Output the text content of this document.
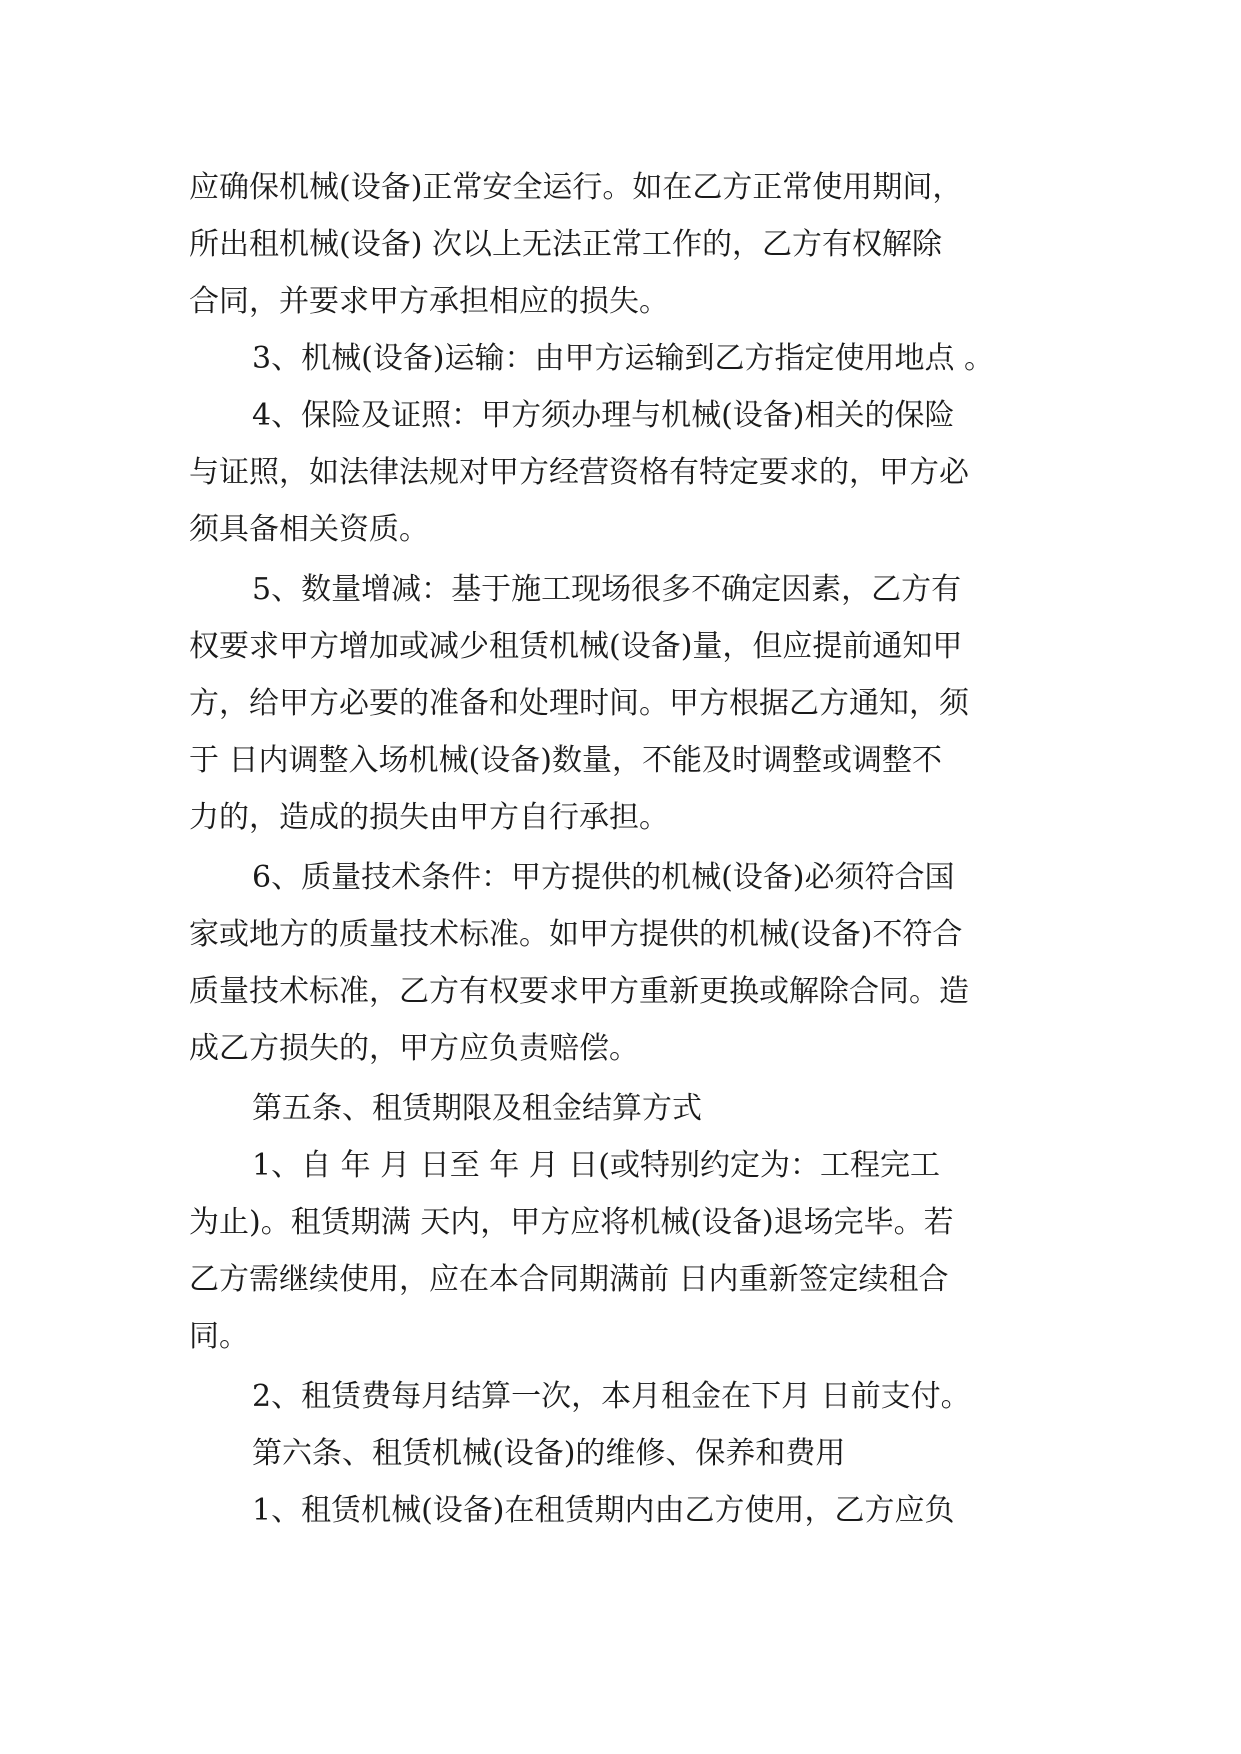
应确保机械(设备)正常安全运行。如在乙方正常使用期间，
所出租机械(设备) 次以上无法正常工作的，乙方有权解除
合同，并要求甲方承担相应的损失。
3、机械(设备)运输：由甲方运输到乙方指定使用地点 。
4、保险及证照：甲方须办理与机械(设备)相关的保险
与证照，如法律法规对甲方经营资格有特定要求的，甲方必
须具备相关资质。
5、数量增减：基于施工现场很多不确定因素，乙方有
权要求甲方增加或减少租赁机械(设备)量，但应提前通知甲
方，给甲方必要的准备和处理时间。甲方根据乙方通知，须
于 日内调整入场机械(设备)数量，不能及时调整或调整不
力的，造成的损失由甲方自行承担。
6、质量技术条件：甲方提供的机械(设备)必须符合国
家或地方的质量技术标准。如甲方提供的机械(设备)不符合
质量技术标准，乙方有权要求甲方重新更换或解除合同。造
成乙方损失的，甲方应负责赔偿。
第五条、租赁期限及租金结算方式
1、自 年 月 日至 年 月 日(或特别约定为：工程完工
为止)。租赁期满 天内，甲方应将机械(设备)退场完毕。若
乙方需继续使用，应在本合同期满前 日内重新签定续租合
同。
2、租赁费每月结算一次，本月租金在下月 日前支付。
第六条、租赁机械(设备)的维修、保养和费用
1、租赁机械(设备)在租赁期内由乙方使用，乙方应负
